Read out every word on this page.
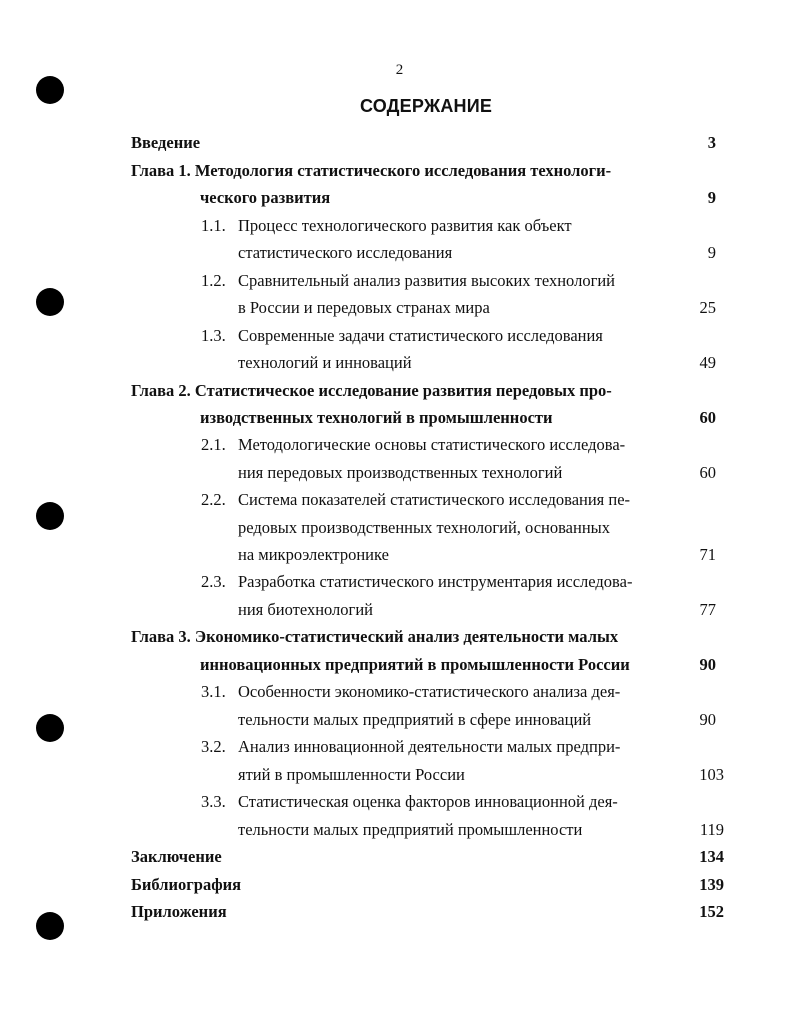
2
СОДЕРЖАНИЕ
Введение	3
Глава 1. Методология статистического исследования технологи-
ческого развития	9
1.1. Процесс технологического развития как объект
статистического исследования	9
1.2. Сравнительный анализ развития высоких технологий
в России и передовых странах мира	25
1.3. Современные задачи статистического исследования
технологий и инноваций	49
Глава 2. Статистическое исследование развития передовых про-
изводственных технологий в промышленности	60
2.1. Методологические основы статистического исследова-
ния передовых производственных технологий	60
2.2. Система показателей статистического исследования пе-
редовых производственных технологий, основанных
на микроэлектронике	71
2.3. Разработка статистического инструментария исследова-
ния биотехнологий	77
Глава 3. Экономико-статистический анализ деятельности малых
инновационных предприятий в промышленности России	90
3.1. Особенности экономико-статистического анализа дея-
тельности малых предприятий в сфере инноваций	90
3.2. Анализ инновационной деятельности малых предпри-
ятий в промышленности России	103
3.3. Статистическая оценка факторов инновационной дея-
тельности малых предприятий промышленности	119
Заключение	134
Библиография	139
Приложения	152
